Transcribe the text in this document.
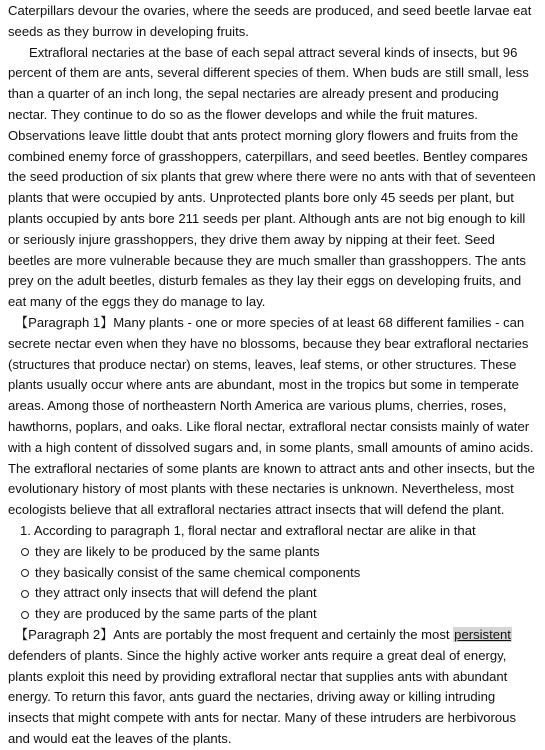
Caterpillars devour the ovaries, where the seeds are produced, and seed beetle larvae eat seeds as they burrow in developing fruits.

Extrafloral nectaries at the base of each sepal attract several kinds of insects, but 96 percent of them are ants, several different species of them. When buds are still small, less than a quarter of an inch long, the sepal nectaries are already present and producing nectar. They continue to do so as the flower develops and while the fruit matures. Observations leave little doubt that ants protect morning glory flowers and fruits from the combined enemy force of grasshoppers, caterpillars, and seed beetles. Bentley compares the seed production of six plants that grew where there were no ants with that of seventeen plants that were occupied by ants. Unprotected plants bore only 45 seeds per plant, but plants occupied by ants bore 211 seeds per plant. Although ants are not big enough to kill or seriously injure grasshoppers, they drive them away by nipping at their feet. Seed beetles are more vulnerable because they are much smaller than grasshoppers. The ants prey on the adult beetles, disturb females as they lay their eggs on developing fruits, and eat many of the eggs they do manage to lay.

【Paragraph 1】Many plants - one or more species of at least 68 different families - can secrete nectar even when they have no blossoms, because they bear extrafloral nectaries (structures that produce nectar) on stems, leaves, leaf stems, or other structures. These plants usually occur where ants are abundant, most in the tropics but some in temperate areas. Among those of northeastern North America are various plums, cherries, roses, hawthorns, poplars, and oaks. Like floral nectar, extrafloral nectar consists mainly of water with a high content of dissolved sugars and, in some plants, small amounts of amino acids. The extrafloral nectaries of some plants are known to attract ants and other insects, but the evolutionary history of most plants with these nectaries is unknown. Nevertheless, most ecologists believe that all extrafloral nectaries attract insects that will defend the plant.

1. According to paragraph 1, floral nectar and extrafloral nectar are alike in that

they are likely to be produced by the same plants
they basically consist of the same chemical components
they attract only insects that will defend the plant
they are produced by the same parts of the plant

【Paragraph 2】Ants are portably the most frequent and certainly the most persistent defenders of plants. Since the highly active worker ants require a great deal of energy, plants exploit this need by providing extrafloral nectar that supplies ants with abundant energy. To return this favor, ants guard the nectaries, driving away or killing intruding insects that might compete with ants for nectar. Many of these intruders are herbivorous and would eat the leaves of the plants.
